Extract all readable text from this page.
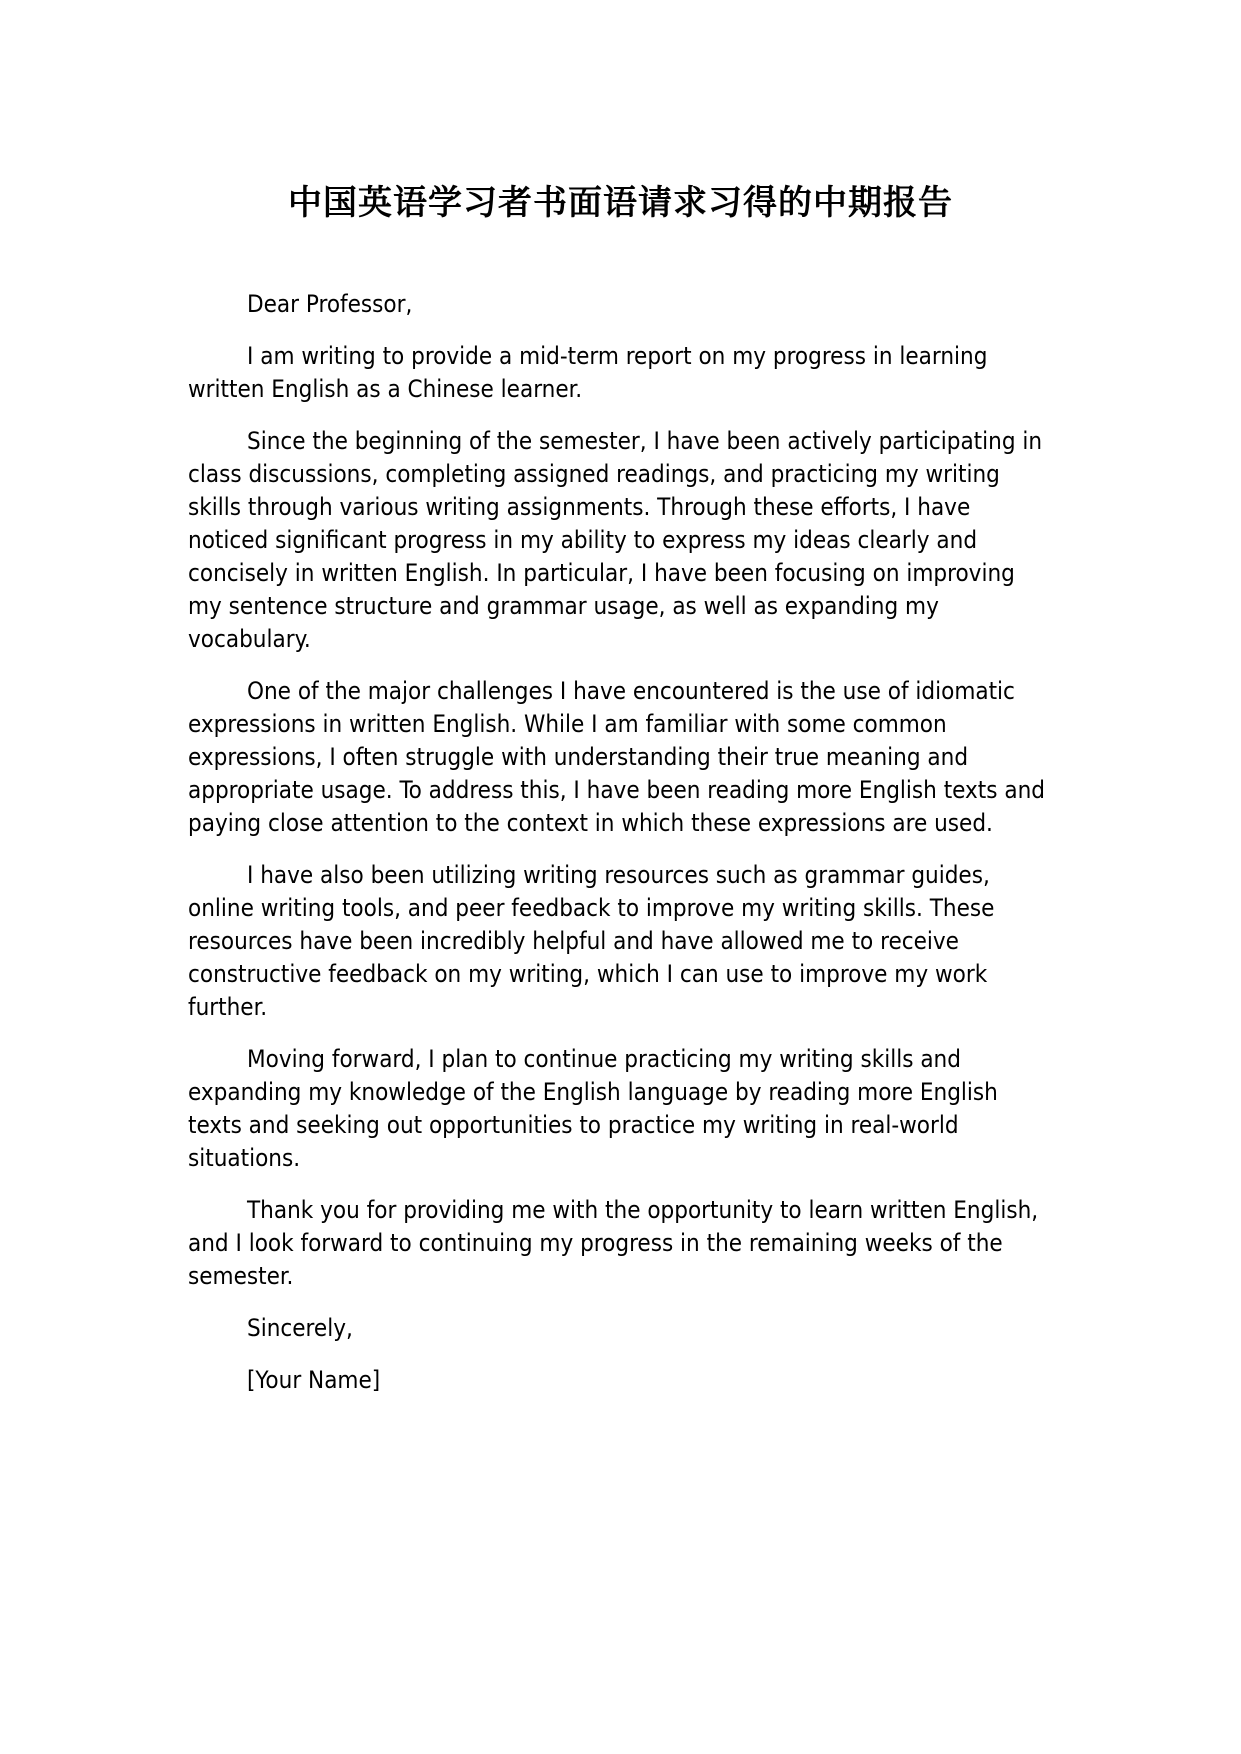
中国英语学习者书面语请求习得的中期报告

Dear Professor,

I am writing to provide a mid-term report on my progress in learning written English as a Chinese learner.

Since the beginning of the semester, I have been actively participating in class discussions, completing assigned readings, and practicing my writing skills through various writing assignments. Through these efforts, I have noticed significant progress in my ability to express my ideas clearly and concisely in written English. In particular, I have been focusing on improving my sentence structure and grammar usage, as well as expanding my vocabulary.

One of the major challenges I have encountered is the use of idiomatic expressions in written English. While I am familiar with some common expressions, I often struggle with understanding their true meaning and appropriate usage. To address this, I have been reading more English texts and paying close attention to the context in which these expressions are used.

I have also been utilizing writing resources such as grammar guides, online writing tools, and peer feedback to improve my writing skills. These resources have been incredibly helpful and have allowed me to receive constructive feedback on my writing, which I can use to improve my work further.

Moving forward, I plan to continue practicing my writing skills and expanding my knowledge of the English language by reading more English texts and seeking out opportunities to practice my writing in real-world situations.

Thank you for providing me with the opportunity to learn written English, and I look forward to continuing my progress in the remaining weeks of the semester.

Sincerely,

[Your Name]
